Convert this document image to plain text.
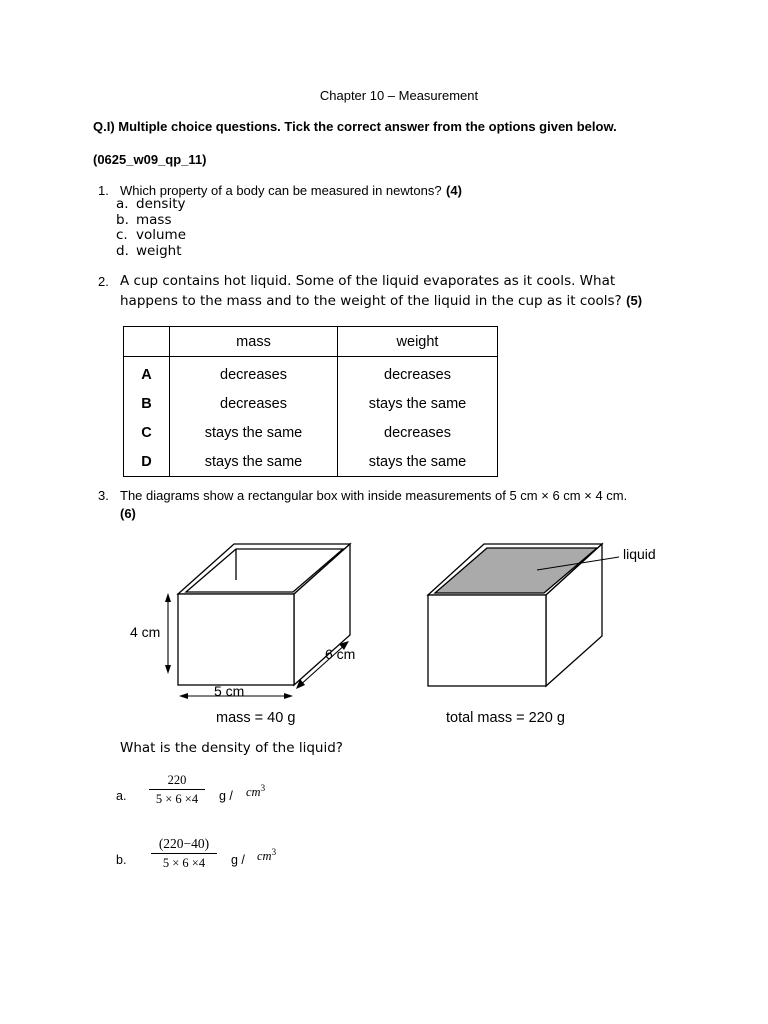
Chapter 10 – Measurement
Q.I) Multiple choice questions. Tick the correct answer from the options given below.
(0625_w09_qp_11)
1. Which property of a body can be measured in newtons? (4)
a. density
b. mass
c. volume
d. weight
2. A cup contains hot liquid. Some of the liquid evaporates as it cools. What
happens to the mass and to the weight of the liquid in the cup as it cools? (5)
	mass	weight
A	decreases	decreases
B	decreases	stays the same
C	stays the same	decreases
D	stays the same	stays the same
3. The diagrams show a rectangular box with inside measurements of 5 cm × 6 cm × 4 cm.
(6)
4 cm
6 cm
5 cm
mass = 40 g
liquid
total mass = 220 g
What is the density of the liquid?
a. $\frac{220}{5 \times 6 \times 4}$ g / $cm^3$
b. $\frac{(220-40)}{5 \times 6 \times 4}$ g / $cm^3$
